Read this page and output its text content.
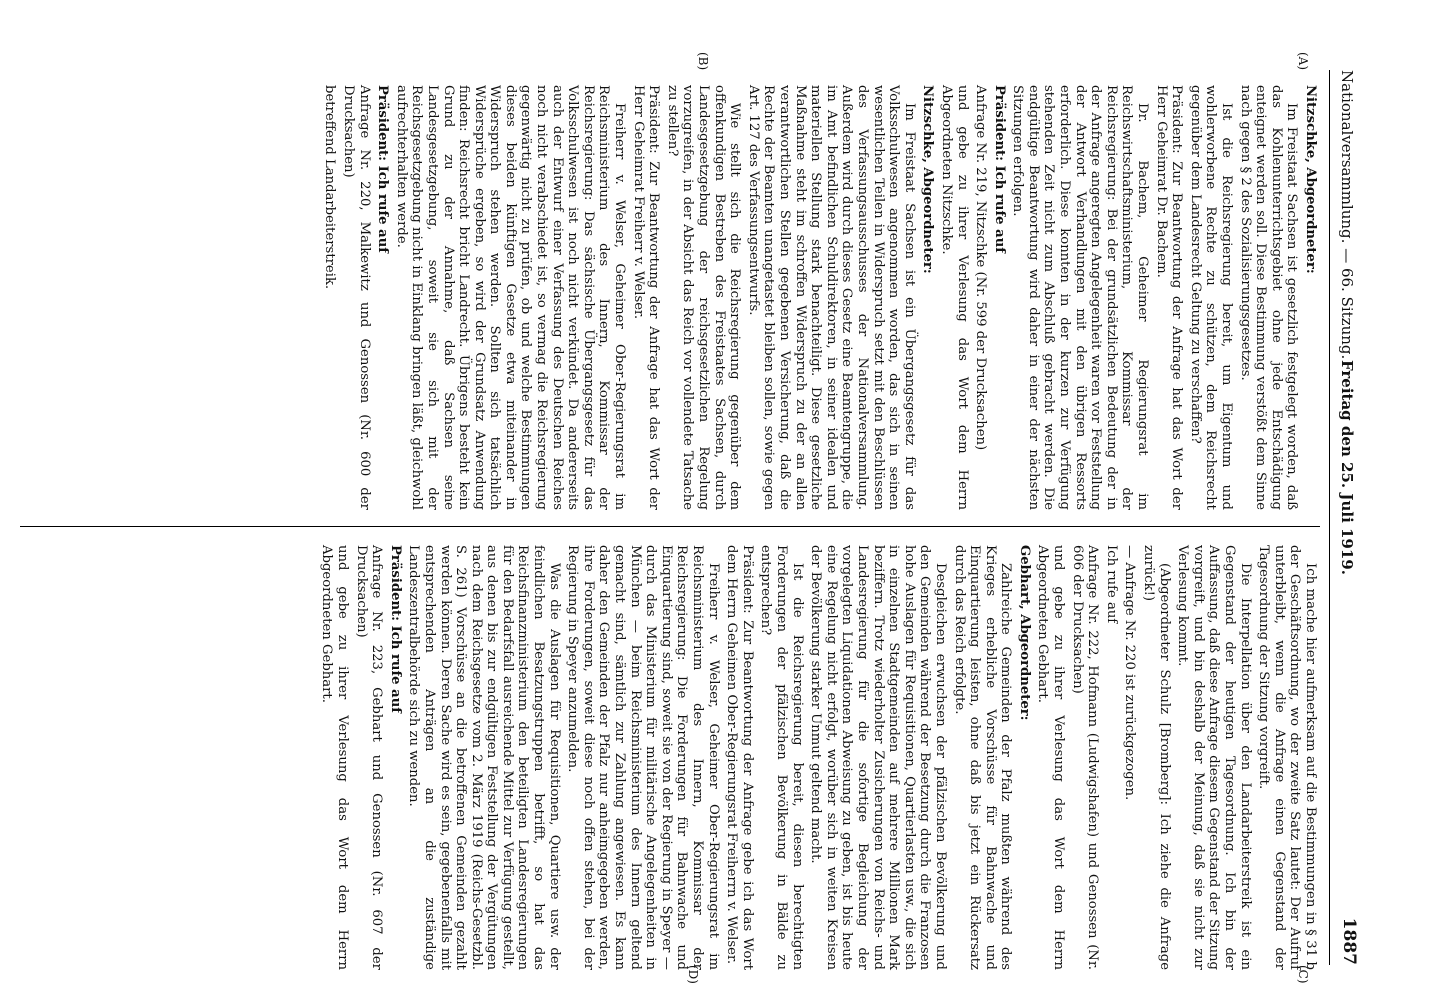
Nationalversammlung. — 66. Sitzung.
Freitag den 25. Juli 1919.
1887
(A)
(B)
(C)
(D)

Nitzschke, Abgeordneter:

Im Freistaat Sachsen ist gesetzlich festgelegt worden, daß das Kohlenunterrichtsgebiet ohne jede Entschädigung enteignet werden soll. Diese Bestimmung verstößt dem Sinne nach gegen § 2 des Sozialisierungsgesetzes.

Ist die Reichsregierung bereit, um Eigentum und wohlerworbene Rechte zu schützen, dem Reichsrecht gegenüber dem Landesrecht Geltung zu verschaffen?

Präsident: Zur Beantwortung der Anfrage hat das Wort der Herr Geheimrat Dr. Bachem.

Dr. Bachem, Geheimer Regierungsrat im Reichswirtschaftsministerium, Kommissar der Reichsregierung: Bei der grundsätzlichen Bedeutung der in der Anfrage angeregten Angelegenheit waren vor Feststellung der Antwort Verhandlungen mit den übrigen Ressorts erforderlich. Diese konnten in der kurzen zur Verfügung stehenden Zeit nicht zum Abschluß gebracht werden. Die endgültige Beantwortung wird daher in einer der nächsten Sitzungen erfolgen.

Präsident: Ich rufe auf

Anfrage Nr. 219, Nitzschke (Nr. 599 der Drucksachen)

und gebe zu ihrer Verlesung das Wort dem Herrn Abgeordneten Nitzschke.

Nitzschke, Abgeordneter:

Im Freistaat Sachsen ist ein Übergangsgesetz für das Volksschulwesen angenommen worden, das sich in seinen wesentlichen Teilen in Widerspruch setzt mit den Beschlüssen des Verfassungsausschusses der Nationalversammlung. Außerdem wird durch dieses Gesetz eine Beamtengruppe, die im Amt befindlichen Schuldirektoren, in seiner idealen und materiellen Stellung stark benachteiligt. Diese gesetzliche Maßnahme steht im schroffen Widerspruch zu der an allen verantwortlichen Stellen gegebenen Versicherung, daß die Rechte der Beamten unangetastet bleiben sollen, sowie gegen Art. 127 des Verfassungsentwurfs.

Wie stellt sich die Reichsregierung gegenüber dem offenkundigen Bestreben des Freistaates Sachsen, durch Landesgesetzgebung der reichsgesetzlichen Regelung vorzugreifen, in der Absicht das Reich vor vollendete Tatsache zu stellen?

Präsident: Zur Beantwortung der Anfrage hat das Wort der Herr Geheimrat Freiherr v. Welser.

Freiherr v. Welser, Geheimer Ober-Regierungsrat im Reichsministerium des Innern, Kommissar der Reichsregierung: Das sächsische Übergangsgesetz für das Volksschulwesen ist noch nicht verkündet. Da andererseits auch der Entwurf einer Verfassung des Deutschen Reiches noch nicht verabschiedet ist, so vermag die Reichsregierung gegenwärtig nicht zu prüfen, ob und welche Bestimmungen dieses beiden künftigen Gesetze etwa miteinander in Widerspruch stehen werden. Sollten sich tatsächlich Widersprüche ergeben, so wird der Grundsatz Anwendung finden: Reichsrecht bricht Landrecht. Übrigens besteht kein Grund zu der Annahme, daß Sachsen seine Landesgesetzgebung, soweit sie sich mit der Reichsgesetzgebung nicht in Einklang bringen läßt, gleichwohl aufrechterhalten werde.

Präsident: Ich rufe auf

Anfrage Nr. 220, Malkewitz und Genossen (Nr. 600 der Drucksachen)

betreffend Landarbeiterstreik.

Ich mache hier aufmerksam auf die Bestimmungen in § 31 b der Geschäftsordnung, wo der zweite Satz lautet: Der Aufruf unterbleibt, wenn die Anfrage einen Gegenstand der Tagesordnung der Sitzung vorgreift.

Die Interpellation über den Landarbeiterstreik ist ein Gegenstand der heutigen Tagesordnung. Ich bin der Auffassung, daß diese Anfrage diesem Gegenstand der Sitzung vorgreift, und bin deshalb der Meinung, daß sie nicht zur Verlesung kommt.

(Abgeordneter Schulz [Bromberg]: Ich ziehe die Anfrage zurück!)

— Anfrage Nr. 220 ist zurückgezogen.

Ich rufe auf

Anfrage Nr. 222, Hofmann (Ludwigshafen) und Genossen (Nr. 606 der Drucksachen)

und gebe zu ihrer Verlesung das Wort dem Herrn Abgeordneten Gebhart.

Gebhart, Abgeordneter:

Zahlreiche Gemeinden der Pfalz mußten während des Krieges erhebliche Vorschüsse für Bahnwache und Einquartierung leisten, ohne daß bis jetzt ein Rückersatz durch das Reich erfolgte.

Desgleichen erwuchsen der pfälzischen Bevölkerung und den Gemeinden während der Besetzung durch die Franzosen hohe Auslagen für Requisitionen, Quartierlasten usw., die sich in einzelnen Stadtgemeinden auf mehrere Millionen Mark beziffern. Trotz wiederholter Zusicherungen von Reichs- und Landesregierung für die sofortige Begleichung der vorgelegten Liquidationen Abweisung zu geben, ist bis heute eine Regelung nicht erfolgt, worüber sich in weiten Kreisen der Bevölkerung starker Unmut geltend macht.

Ist die Reichsregierung bereit, diesen berechtigten Forderungen der pfälzischen Bevölkerung in Bälde zu entsprechen?

Präsident: Zur Beantwortung der Anfrage gebe ich das Wort dem Herrn Geheimen Ober-Regierungsrat Freiherrn v. Welser.

Freiherr v. Welser, Geheimer Ober-Regierungsrat im Reichsministerium des Innern, Kommissar der Reichsregierung: Die Forderungen für Bahnwache und Einquartierung sind, soweit sie von der Regierung in Speyer — durch das Ministerium für militärische Angelegenheiten in München — beim Reichsministerium des Innern geltend gemacht sind, sämtlich zur Zahlung angewiesen. Es kann daher den Gemeinden der Pfalz nur anheimgegeben werden, ihre Forderungen, soweit diese noch offen stehen, bei der Regierung in Speyer anzumelden.

Was die Auslagen für Requisitionen, Quartiere usw. der feindlichen Besatzungstruppen betrifft, so hat das Reichsfinanzministerium den beteiligten Landesregierungen für den Bedarfsfall ausreichende Mittel zur Verfügung gestellt, aus denen bis zur endgültigen Feststellung der Vergütungen nach dem Reichsgesetze vom 2. März 1919 (Reichs-Gesetzbl. S. 261) Vorschüsse an die betroffenen Gemeinden gezahlt werden können. Deren Sache wird es sein, gegebenenfalls mit entsprechenden Anträgen an die zuständige Landeszentralbehörde sich zu wenden.

Präsident: Ich rufe auf

Anfrage Nr. 223, Gebhart und Genossen (Nr. 607 der Drucksachen)

und gebe zu ihrer Verlesung das Wort dem Herrn Abgeordneten Gebhart.
